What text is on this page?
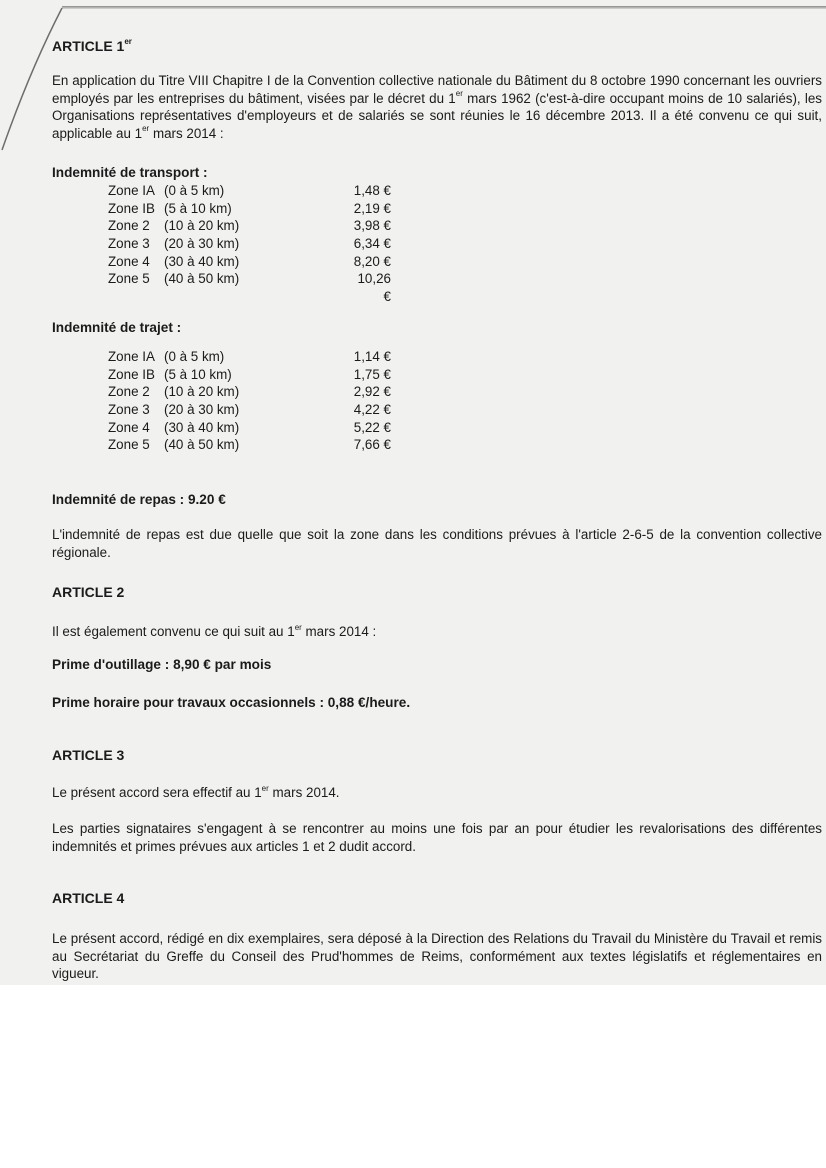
ARTICLE 1er

En application du Titre VIII Chapitre I de la Convention collective nationale du Bâtiment du 8 octobre 1990 concernant les ouvriers employés par les entreprises du bâtiment, visées par le décret du 1er mars 1962 (c'est-à-dire occupant moins de 10 salariés), les Organisations représentatives d'employeurs et de salariés se sont réunies le 16 décembre 2013. Il a été convenu ce qui suit, applicable au 1er mars 2014 :

Indemnité de transport :

Zone IA	(0 à 5 km)	1,48 €
Zone IB	(5 à 10 km)	2,19 €
Zone 2	(10 à 20 km)	3,98 €
Zone 3	(20 à 30 km)	6,34 €
Zone 4	(30 à 40 km)	8,20 €
Zone 5	(40 à 50 km)	10,26 €

Indemnité de trajet :

Zone IA	(0 à 5 km)	1,14 €
Zone IB	(5 à 10 km)	1,75 €
Zone 2	(10 à 20 km)	2,92 €
Zone 3	(20 à 30 km)	4,22 €
Zone 4	(30 à 40 km)	5,22 €
Zone 5	(40 à 50 km)	7,66 €

Indemnité de repas : 9.20 €

L'indemnité de repas est due quelle que soit la zone dans les conditions prévues à l'article 2-6-5 de la convention collective régionale.

ARTICLE 2

Il est également convenu ce qui suit au 1er mars 2014 :

Prime d'outillage : 8,90 € par mois

Prime horaire pour travaux occasionnels : 0,88 €/heure.

ARTICLE 3

Le présent accord sera effectif au 1er mars 2014.

Les parties signataires s'engagent à se rencontrer au moins une fois par an pour étudier les revalorisations des différentes indemnités et primes prévues aux articles 1 et 2 dudit accord.

ARTICLE 4

Le présent accord, rédigé en dix exemplaires, sera déposé à la Direction des Relations du Travail du Ministère du Travail et remis au Secrétariat du Greffe du Conseil des Prud'hommes de Reims, conformément aux textes législatifs et réglementaires en vigueur.
